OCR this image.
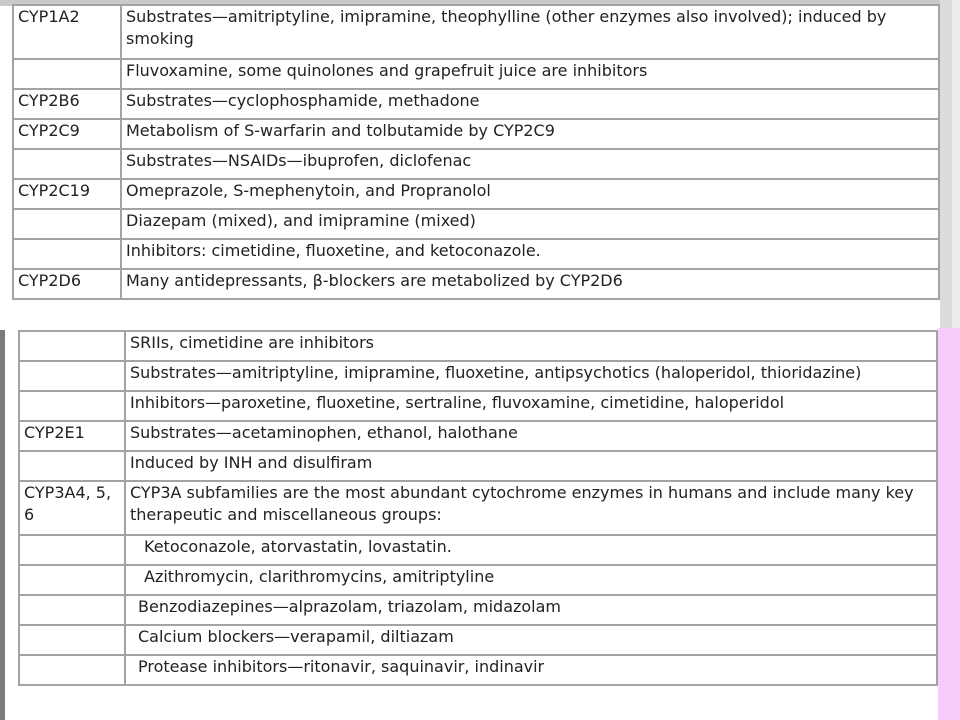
CYP1A2	Substrates—amitriptyline, imipramine, theophylline (other enzymes also involved); induced by smoking
	Fluvoxamine, some quinolones and grapefruit juice are inhibitors
CYP2B6	Substrates—cyclophosphamide, methadone
CYP2C9	Metabolism of S-warfarin and tolbutamide by CYP2C9
	Substrates—NSAIDs—ibuprofen, diclofenac
CYP2C19	Omeprazole, S-mephenytoin, and Propranolol
	Diazepam (mixed), and imipramine (mixed)
	Inhibitors: cimetidine, fluoxetine, and ketoconazole.
CYP2D6	Many antidepressants, β-blockers are metabolized by CYP2D6
	SRIIs, cimetidine are inhibitors
	Substrates—amitriptyline, imipramine, fluoxetine, antipsychotics (haloperidol, thioridazine)
	Inhibitors—paroxetine, fluoxetine, sertraline, fluvoxamine, cimetidine, haloperidol
CYP2E1	Substrates—acetaminophen, ethanol, halothane
	Induced by INH and disulfiram
CYP3A4, 5, 6	CYP3A subfamilies are the most abundant cytochrome enzymes in humans and include many key therapeutic and miscellaneous groups:
	Ketoconazole, atorvastatin, lovastatin.
	Azithromycin, clarithromycins, amitriptyline
	Benzodiazepines—alprazolam, triazolam, midazolam
	Calcium blockers—verapamil, diltiazam
	Protease inhibitors—ritonavir, saquinavir, indinavir
